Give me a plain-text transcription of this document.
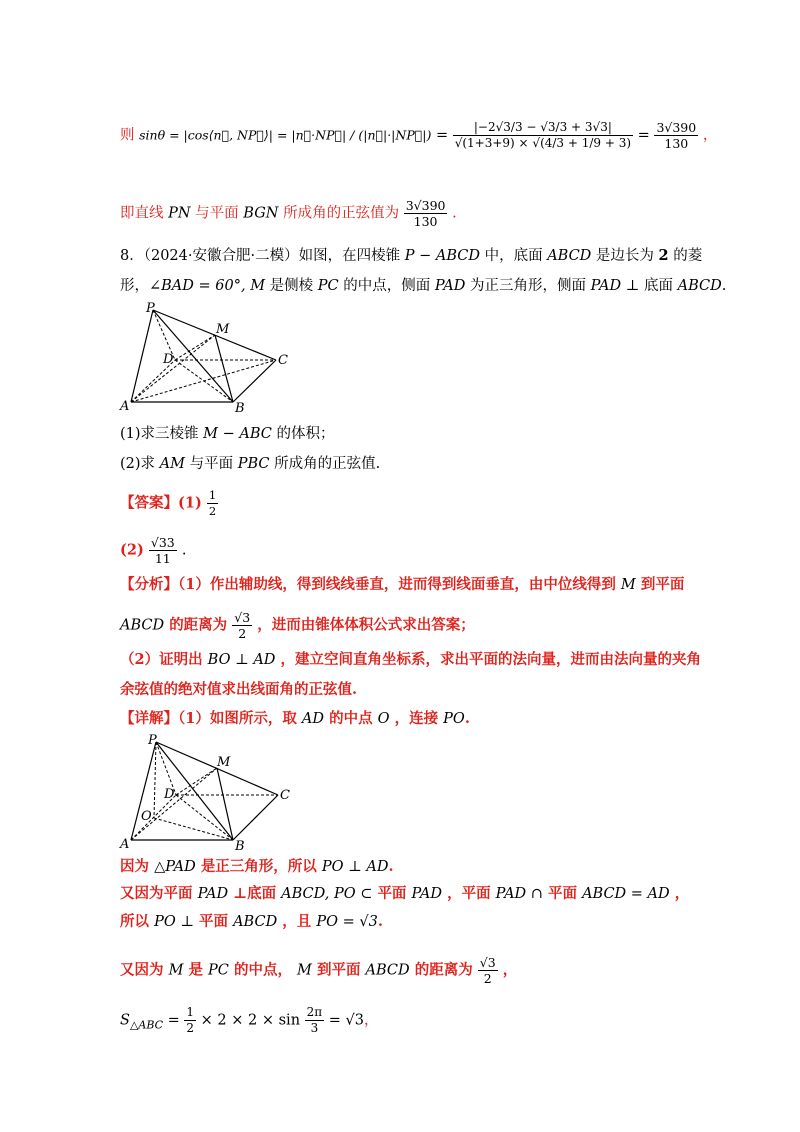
则 sinθ = |cos⟨n⃗, NP⃗⟩| = |n⃗·NP⃗| / (|n⃗|·|NP⃗|) = $\frac{|-2√3/3 - √3/3 + 3√3|}{√(1+3+9) \times √(4/3 + 1/9 + 3)} = \frac{3√390}{130}$ ，
即直线 PN 与平面 BGN 所成角的正弦值为 $\frac{3√390}{130}$ .
8．（2024·安徽合肥·二模）如图，在四棱锥 P − ABCD 中，底面 ABCD 是边长为 2 的菱
形，∠BAD = 60°, M 是侧棱 PC 的中点，侧面 PAD 为正三角形，侧面 PAD ⊥ 底面 ABCD.
P
M
D	C
A	B
(1)求三棱锥 M − ABC 的体积；
(2)求 AM 与平面 PBC 所成角的正弦值.
【答案】$(1) \frac{1}{2}$
$(2) \frac{√33}{11}$ .
【分析】（1）作出辅助线，得到线线垂直，进而得到线面垂直，由中位线得到 M 到平面
ABCD 的距离为 $\frac{√3}{2}$ ，进而由锥体体积公式求出答案；
（2）证明出 BO ⊥ AD ，建立空间直角坐标系，求出平面的法向量，进而由法向量的夹角
余弦值的绝对值求出线面角的正弦值.
【详解】（1）如图所示，取 AD 的中点 O ，连接 PO.
P
M
D	C
O
A	B
因为 △PAD 是正三角形，所以 PO ⊥ AD.
又因为平面 PAD ⊥底面 ABCD, PO ⊂ 平面 PAD ，平面 PAD ∩ 平面 ABCD = AD ，
所以 PO ⊥ 平面 ABCD ，且 PO = √3.
又因为 M 是 PC 的中点， M 到平面 ABCD 的距离为 $\frac{√3}{2}$ ，
$S_{\triangle ABC} = \frac{1}{2} \times 2 \times 2 \times \sin \frac{2\pi}{3} = √3$，
